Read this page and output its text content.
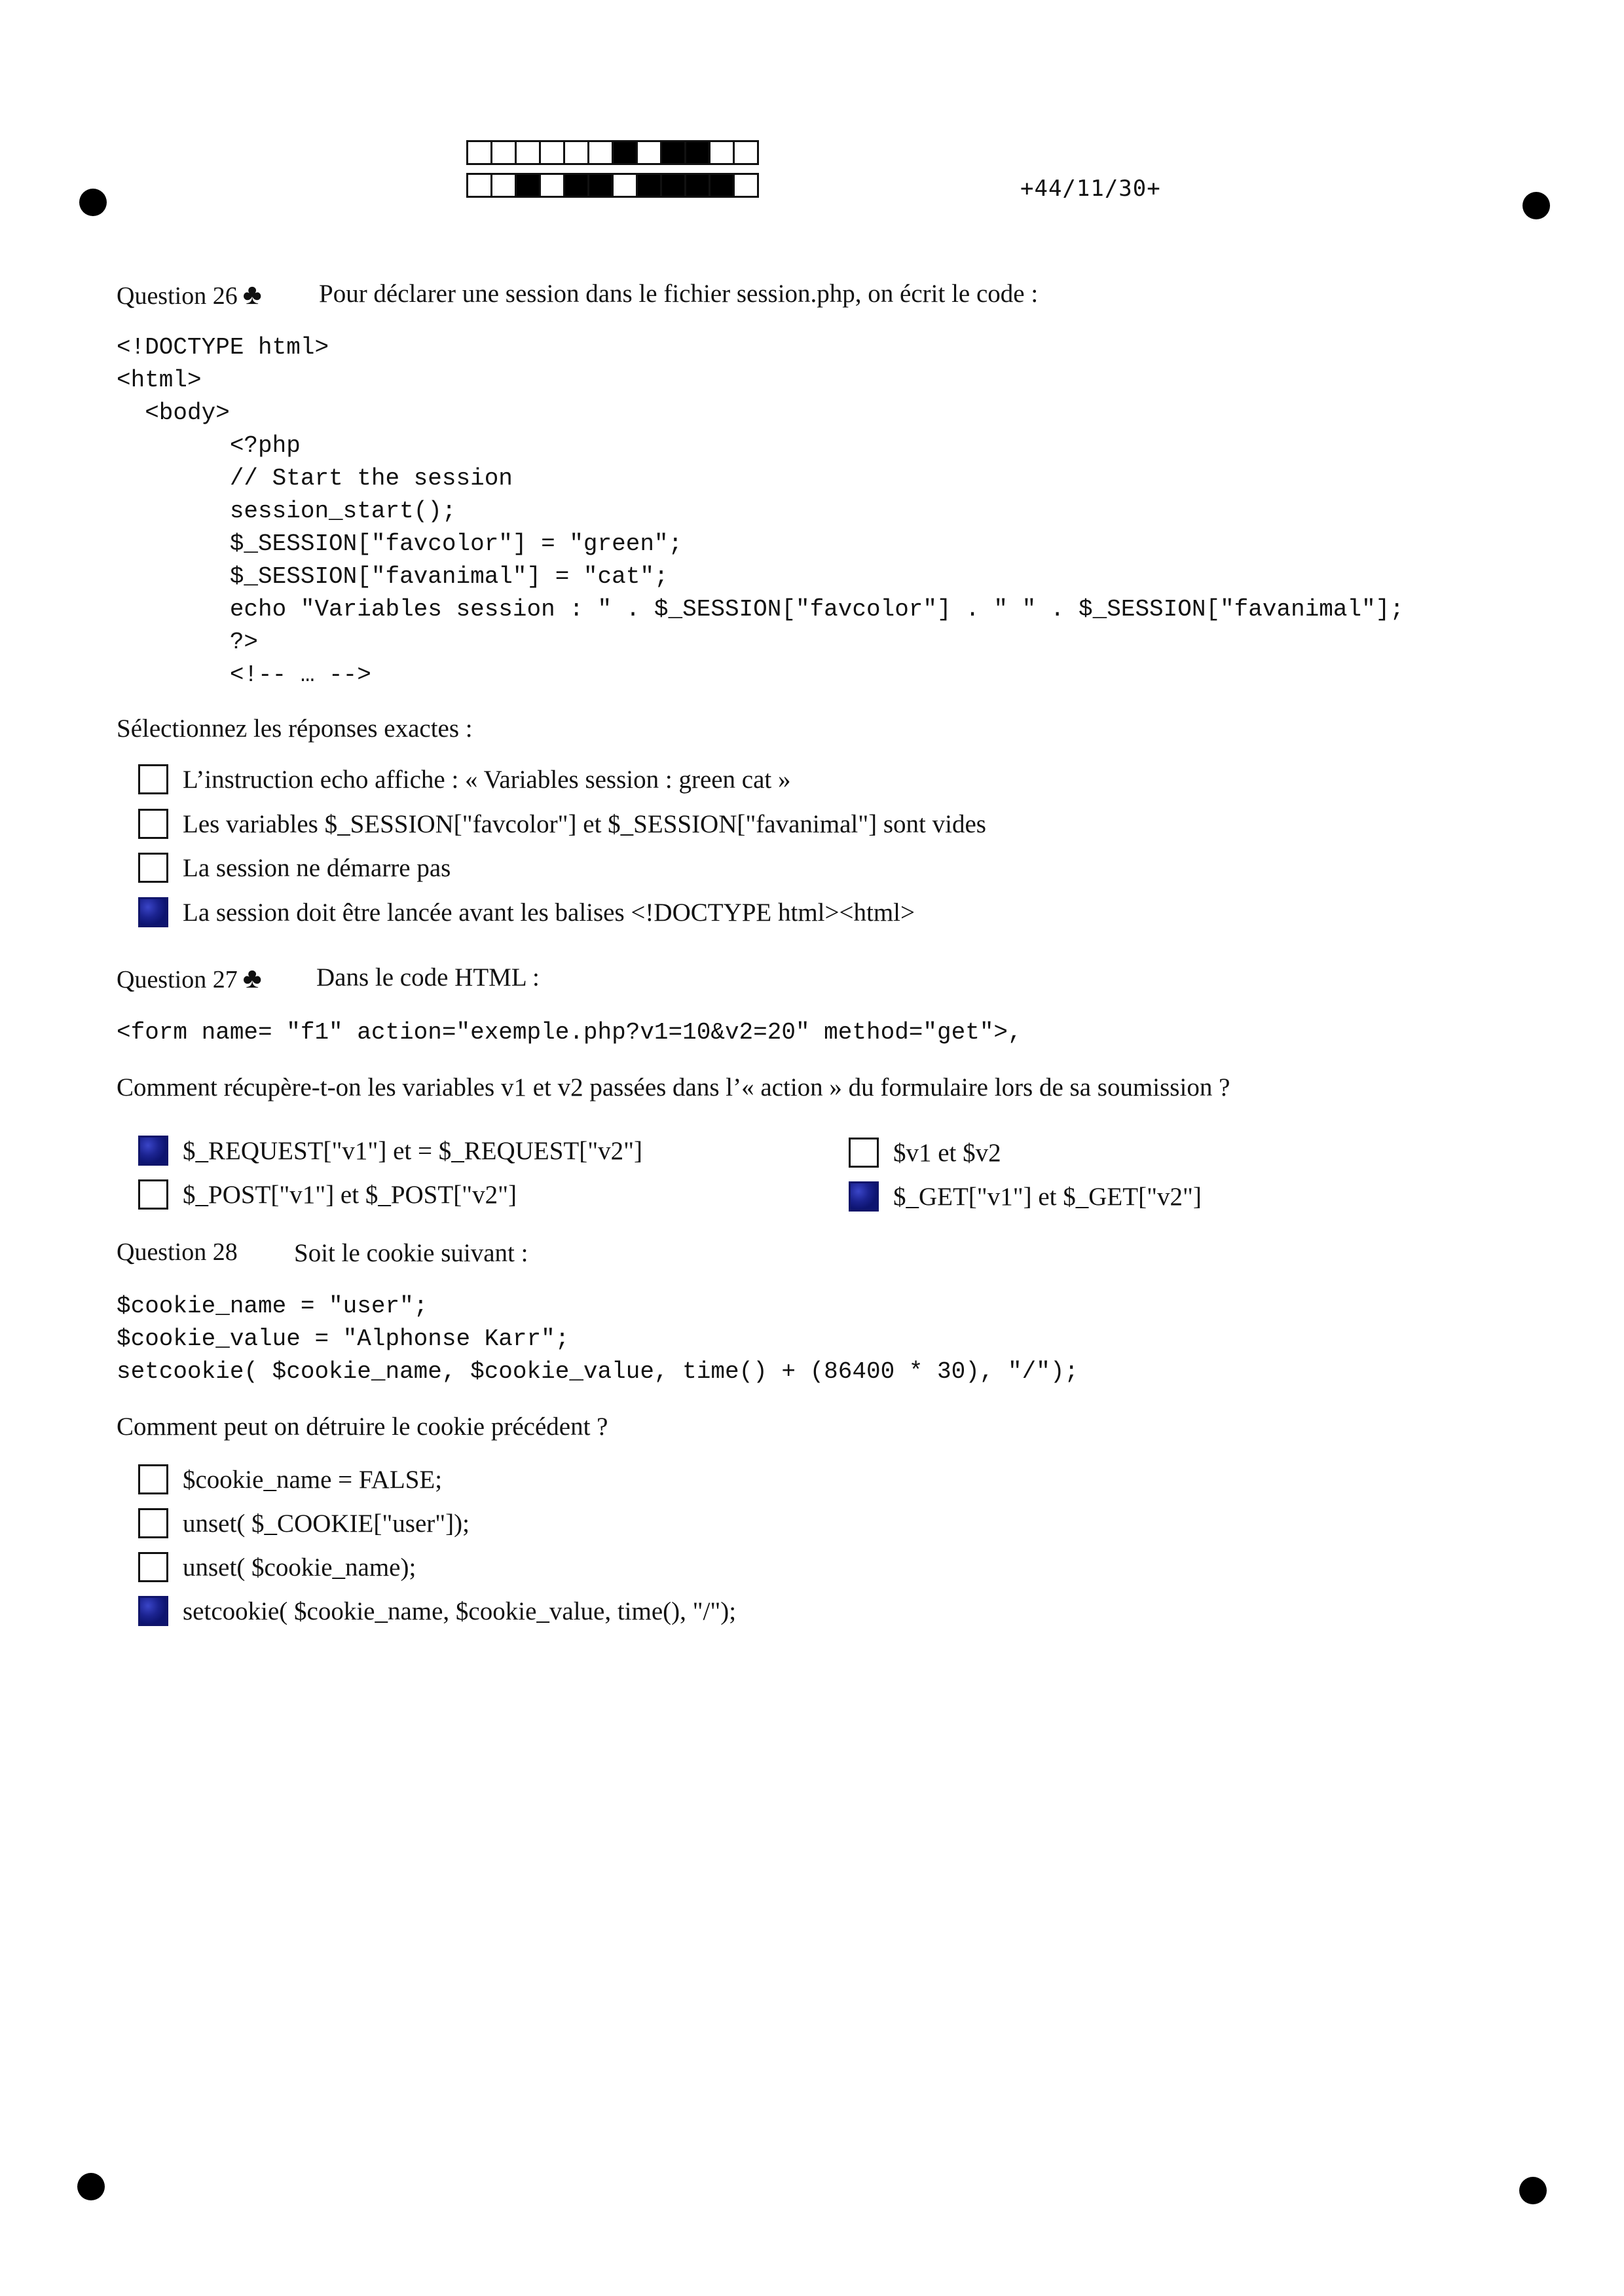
+44/11/30+
Question 26 ♣ Pour déclarer une session dans le fichier session.php, on écrit le code :
<!DOCTYPE html>
<html>
<body>
<?php
// Start the session
session_start();
$_SESSION["favcolor"] = "green";
$_SESSION["favanimal"] = "cat";
echo "Variables session : " . $_SESSION["favcolor"] . " " . $_SESSION["favanimal"];
?>
<!-- … -->
Sélectionnez les réponses exactes :
L’instruction echo affiche : « Variables session : green cat »
Les variables $_SESSION["favcolor"] et $_SESSION["favanimal"] sont vides
La session ne démarre pas
La session doit être lancée avant les balises <!DOCTYPE html><html>
Question 27 ♣ Dans le code HTML :
<form name= "f1" action="exemple.php?v1=10&v2=20" method="get">,
Comment récupère-t-on les variables v1 et v2 passées dans l’« action » du formulaire lors de sa soumission ?
$_REQUEST["v1"] et = $_REQUEST["v2"]	$v1 et $v2
$_POST["v1"] et $_POST["v2"]	$_GET["v1"] et $_GET["v2"]
Question 28 Soit le cookie suivant :
$cookie_name = "user";
$cookie_value = "Alphonse Karr";
setcookie( $cookie_name, $cookie_value, time() + (86400 * 30), "/");
Comment peut on détruire le cookie précédent ?
$cookie_name = FALSE;
unset( $_COOKIE["user"]);
unset( $cookie_name);
setcookie( $cookie_name, $cookie_value, time(), "/");
